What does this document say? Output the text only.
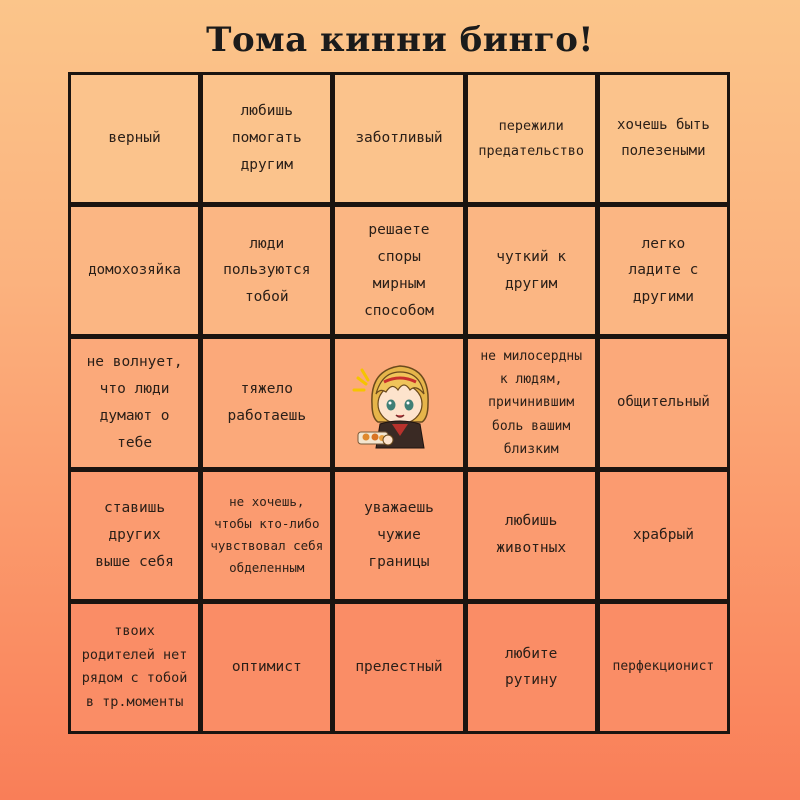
Тома кинни бинго!
верный
любишь
помогать
другим
заботливый
пережили
предательство
хочешь быть
полезеными
домохозяйка
люди
пользуются
тобой
решаете
споры
мирным
способом
чуткий к
другим
легко
ладите с
другими
не волнует,
что люди
думают о
тебе
тяжело
работаешь

не милосердны
к людям,
причинившим
боль вашим
близким
общительный
ставишь
других
выше себя
не хочешь,
чтобы кто-либо
чувствовал себя
обделенным
уважаешь
чужие
границы
любишь
животных
храбрый
твоих
родителей нет
рядом с тобой
в тр.моменты
оптимист	прелестный
любите
рутину
перфекционист
